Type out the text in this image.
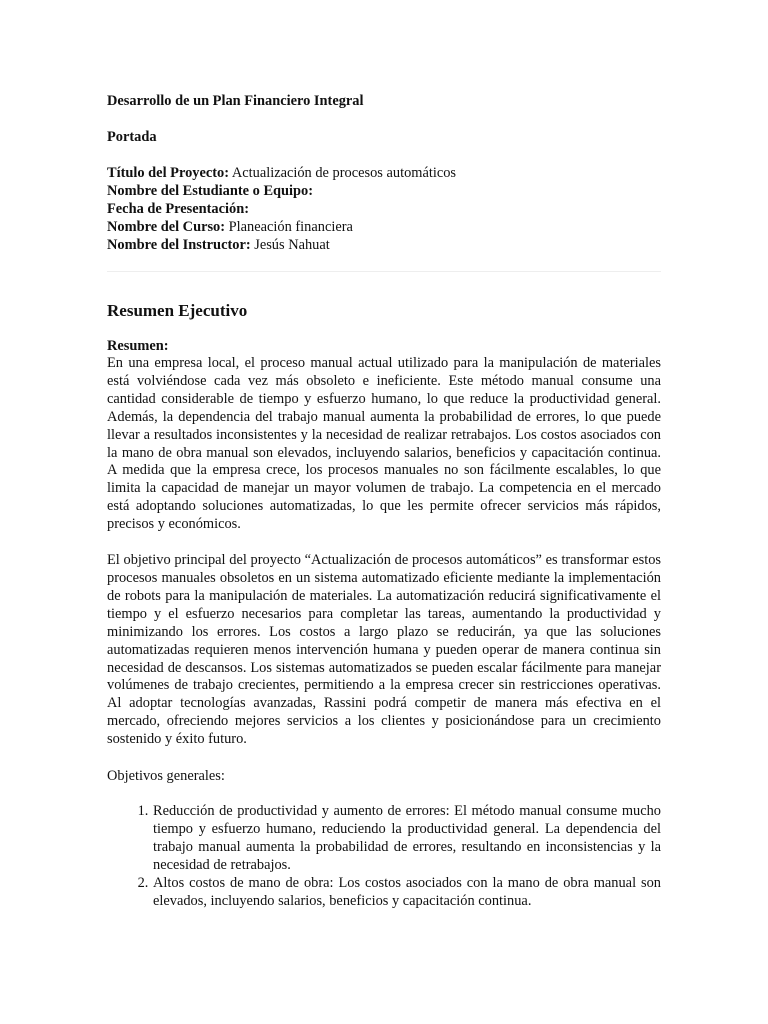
Desarrollo de un Plan Financiero Integral

Portada

Título del Proyecto: Actualización de procesos automáticos

Nombre del Estudiante o Equipo:

Fecha de Presentación:

Nombre del Curso: Planeación financiera

Nombre del Instructor: Jesús Nahuat

Resumen Ejecutivo

Resumen:

En una empresa local, el proceso manual actual utilizado para la manipulación de materiales está volviéndose cada vez más obsoleto e ineficiente. Este método manual consume una cantidad considerable de tiempo y esfuerzo humano, lo que reduce la productividad general. Además, la dependencia del trabajo manual aumenta la probabilidad de errores, lo que puede llevar a resultados inconsistentes y la necesidad de realizar retrabajos. Los costos asociados con la mano de obra manual son elevados, incluyendo salarios, beneficios y capacitación continua. A medida que la empresa crece, los procesos manuales no son fácilmente escalables, lo que limita la capacidad de manejar un mayor volumen de trabajo. La competencia en el mercado está adoptando soluciones automatizadas, lo que les permite ofrecer servicios más rápidos, precisos y económicos.

El objetivo principal del proyecto “Actualización de procesos automáticos” es transformar estos procesos manuales obsoletos en un sistema automatizado eficiente mediante la implementación de robots para la manipulación de materiales. La automatización reducirá significativamente el tiempo y el esfuerzo necesarios para completar las tareas, aumentando la productividad y minimizando los errores. Los costos a largo plazo se reducirán, ya que las soluciones automatizadas requieren menos intervención humana y pueden operar de manera continua sin necesidad de descansos. Los sistemas automatizados se pueden escalar fácilmente para manejar volúmenes de trabajo crecientes, permitiendo a la empresa crecer sin restricciones operativas. Al adoptar tecnologías avanzadas, Rassini podrá competir de manera más efectiva en el mercado, ofreciendo mejores servicios a los clientes y posicionándose para un crecimiento sostenido y éxito futuro.

Objetivos generales:

1. Reducción de productividad y aumento de errores: El método manual consume mucho tiempo y esfuerzo humano, reduciendo la productividad general. La dependencia del trabajo manual aumenta la probabilidad de errores, resultando en inconsistencias y la necesidad de retrabajos.
2. Altos costos de mano de obra: Los costos asociados con la mano de obra manual son elevados, incluyendo salarios, beneficios y capacitación continua.
